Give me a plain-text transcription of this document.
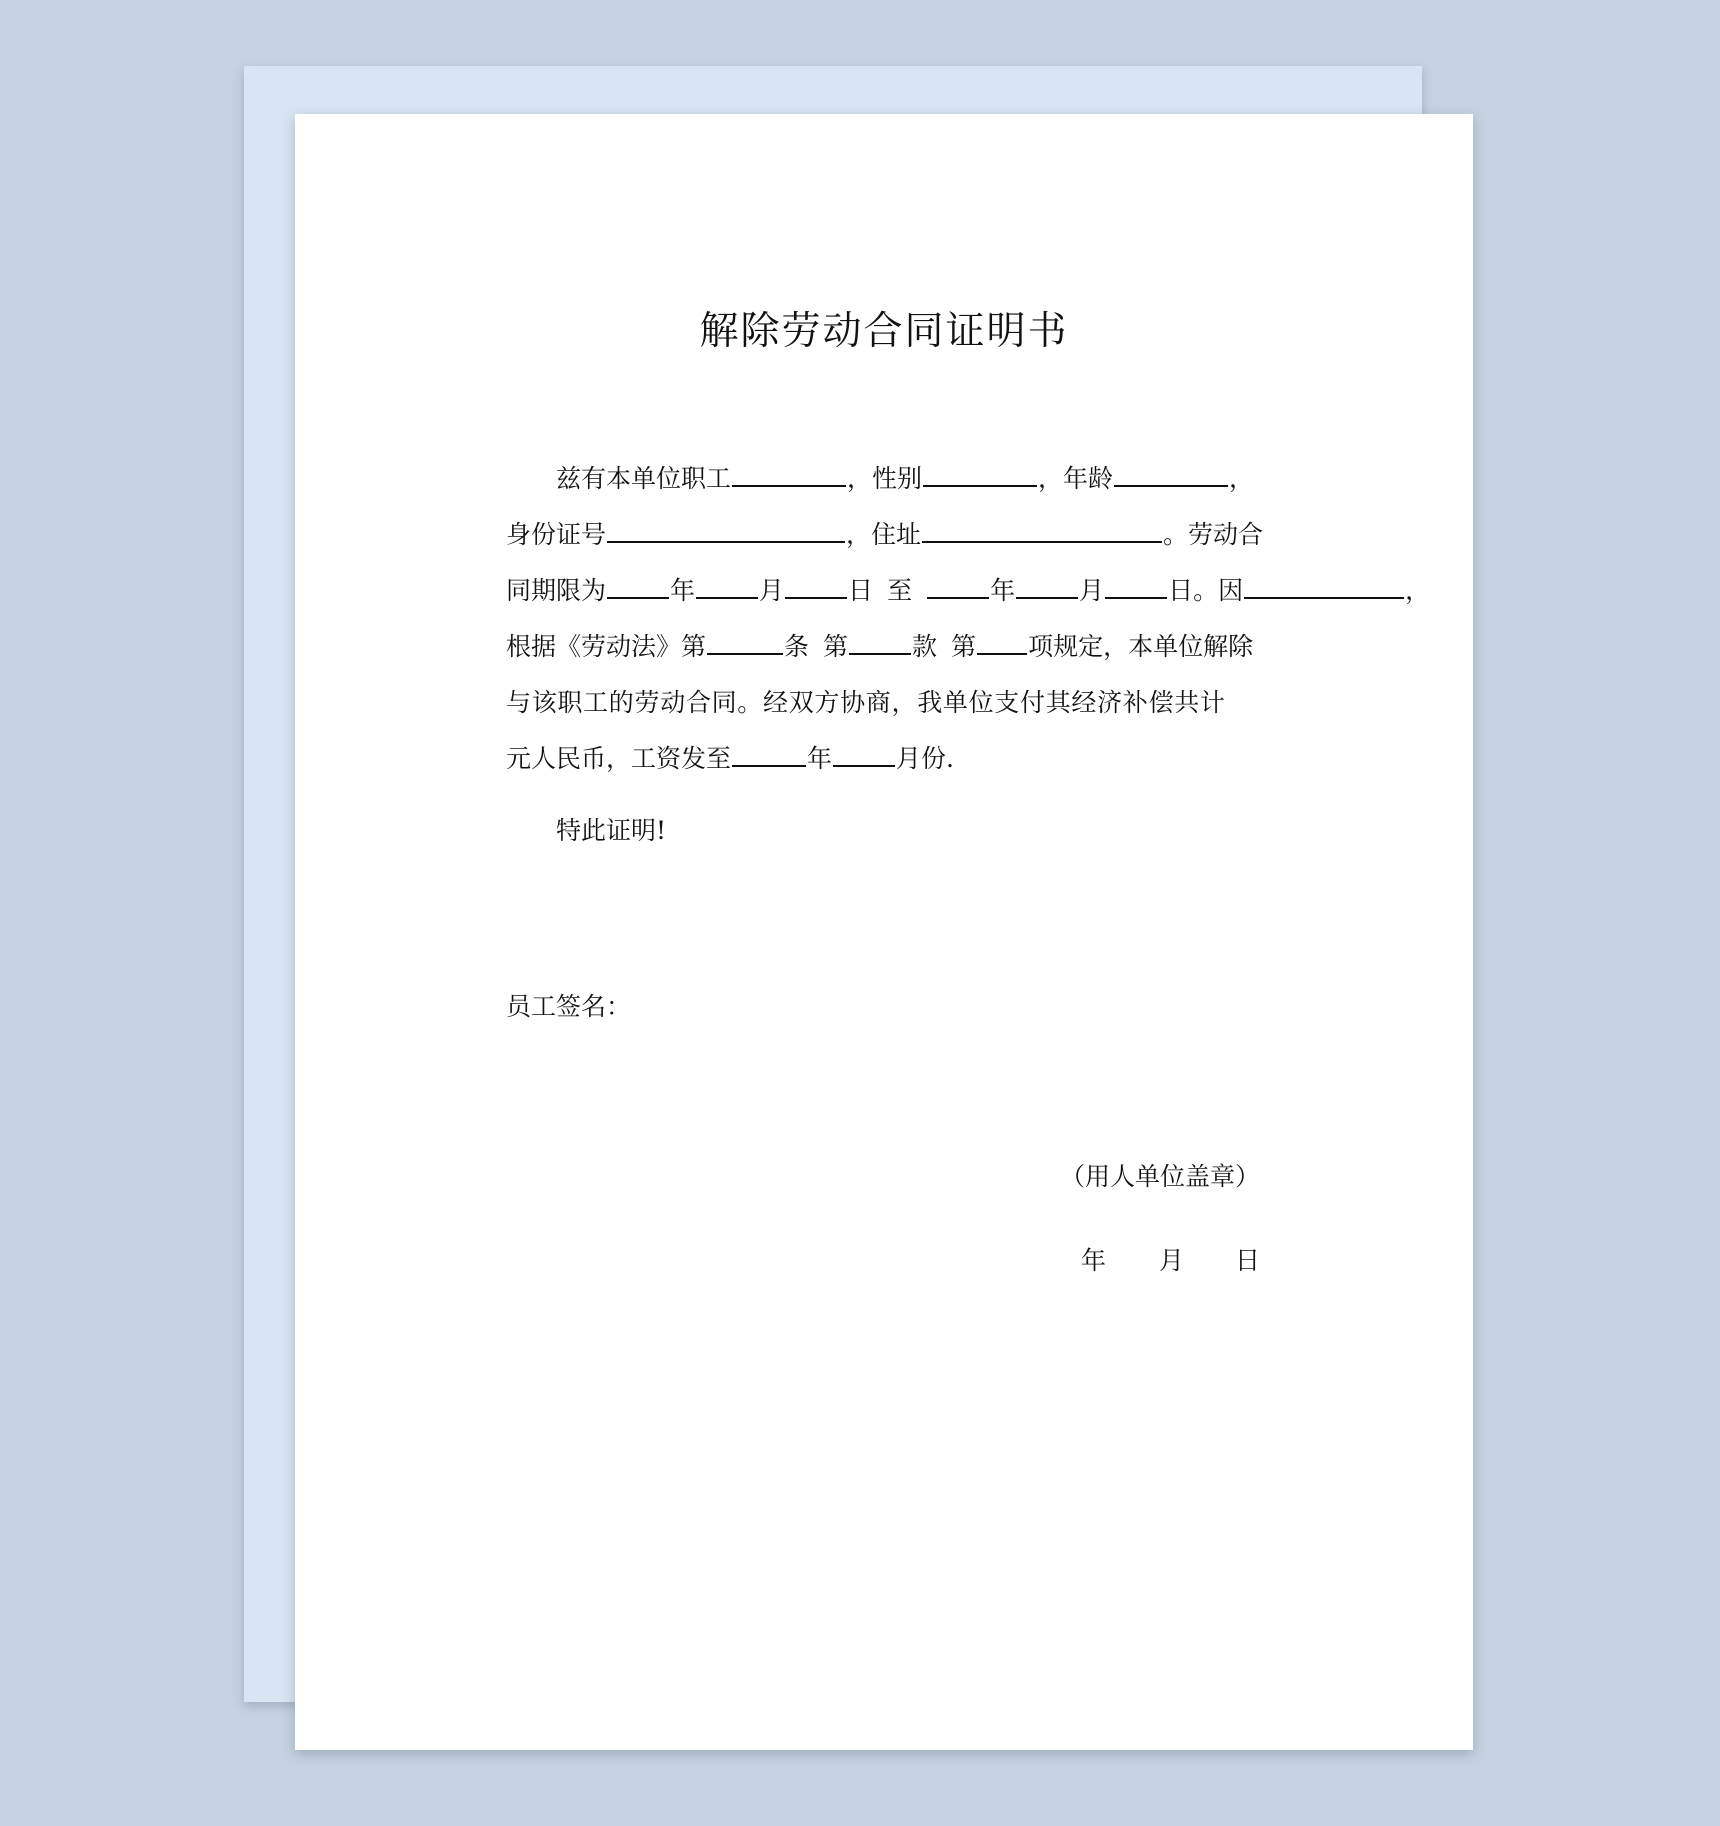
解除劳动合同证明书
兹有本单位职工	，性别	，年龄	，
身份证号	，住址	。劳动合
同期限为	年	月	日 至	年	月	日。因	，
根据《劳动法》第	条 第	款 第 项规定，本单位解除
与该职工的劳动合同。经双方协商，我单位支付其经济补偿共计
元人民币，工资发至	年	月份.
特此证明!
员工签名：
（用人单位盖章）
年 月 日
